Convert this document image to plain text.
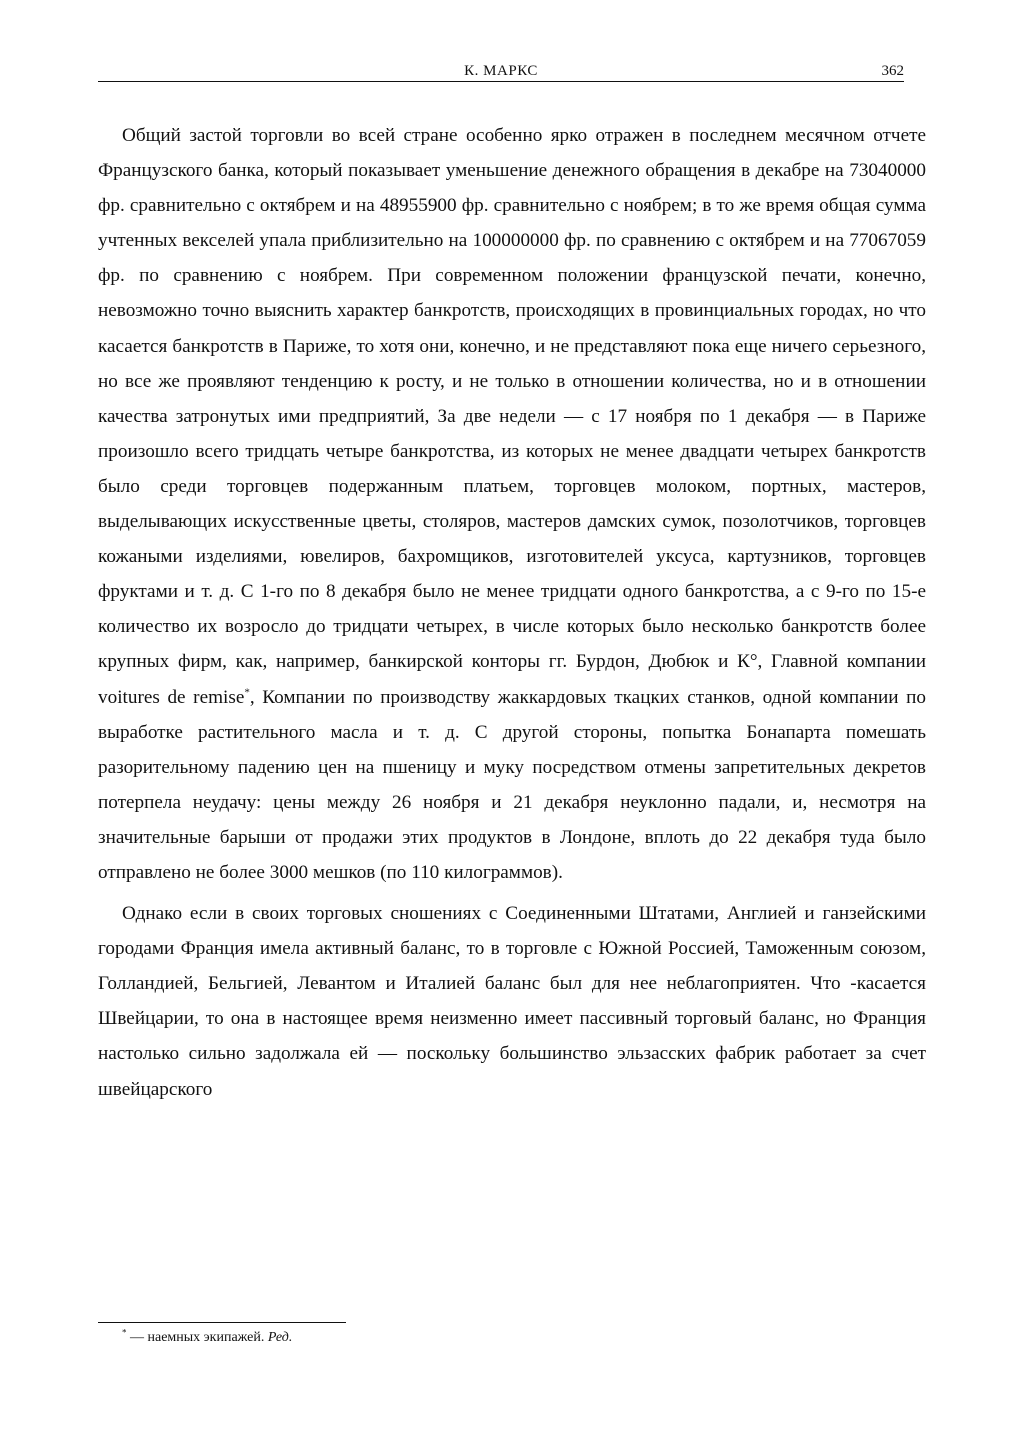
К. МАРКС	362

Общий застой торговли во всей стране особенно ярко отражен в последнем месячном отчете Французского банка, который показывает уменьшение денежного обращения в декабре на 73040000 фр. сравнительно с октябрем и на 48955900 фр. сравнительно с ноябрем; в то же время общая сумма учтенных векселей упала приблизительно на 100000000 фр. по сравнению с октябрем и на 77067059 фр. по сравнению с ноябрем. При современном положении французской печати, конечно, невозможно точно выяснить характер банкротств, происходящих в провинциальных городах, но что касается банкротств в Париже, то хотя они, конечно, и не представляют пока еще ничего серьезного, но все же проявляют тенденцию к росту, и не только в отношении количества, но и в отношении качества затронутых ими предприятий, За две недели — с 17 ноября по 1 декабря — в Париже произошло всего тридцать четыре банкротства, из которых не менее двадцати четырех банкротств было среди торговцев подержанным платьем, торговцев молоком, портных, мастеров, выделывающих искусственные цветы, столяров, мастеров дамских сумок, позолотчиков, торговцев кожаными изделиями, ювелиров, бахромщиков, изготовителей уксуса, картузников, торговцев фруктами и т. д. С 1-го по 8 декабря было не менее тридцати одного банкротства, а с 9-го по 15-е количество их возросло до тридцати четырех, в числе которых было несколько банкротств более крупных фирм, как, например, банкирской конторы гг. Бурдон, Дюбюк и К°, Главной компании voitures de remise*, Компании по производству жаккардовых ткацких станков, одной компании по выработке растительного масла и т. д. С другой стороны, попытка Бонапарта помешать разорительному падению цен на пшеницу и муку посредством отмены запретительных декретов потерпела неудачу: цены между 26 ноября и 21 декабря неуклонно падали, и, несмотря на значительные барыши от продажи этих продуктов в Лондоне, вплоть до 22 декабря туда было отправлено не более 3000 мешков (по 110 килограммов).

Однако если в своих торговых сношениях с Соединенными Штатами, Англией и ганзейскими городами Франция имела активный баланс, то в торговле с Южной Россией, Таможенным союзом, Голландией, Бельгией, Левантом и Италией баланс был для нее неблагоприятен. Что -касается Швейцарии, то она в настоящее время неизменно имеет пассивный торговый баланс, но Франция настолько сильно задолжала ей — поскольку большинство эльзасских фабрик работает за счет швейцарского

* — наемных экипажей. Ред.
